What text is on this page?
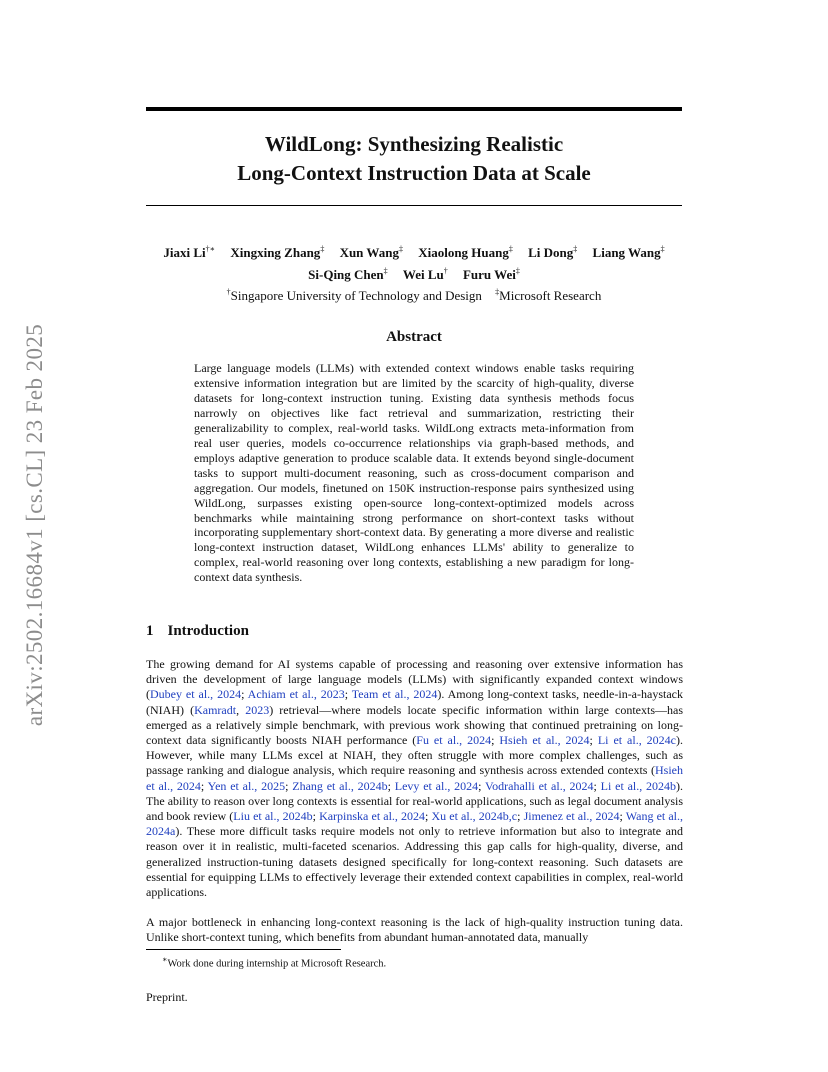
arXiv:2502.16684v1 [cs.CL] 23 Feb 2025
WildLong: Synthesizing Realistic
Long-Context Instruction Data at Scale
Jiaxi Li†∗ Xingxing Zhang‡ Xun Wang‡ Xiaolong Huang‡ Li Dong‡ Liang Wang‡
Si-Qing Chen‡ Wei Lu† Furu Wei‡
†Singapore University of Technology and Design ‡Microsoft Research
Abstract

Large language models (LLMs) with extended context windows enable tasks requiring extensive information integration but are limited by the scarcity of high-quality, diverse datasets for long-context instruction tuning. Existing data synthesis methods focus narrowly on objectives like fact retrieval and summarization, restricting their generalizability to complex, real-world tasks. WildLong extracts meta-information from real user queries, models co-occurrence relationships via graph-based methods, and employs adaptive generation to produce scalable data. It extends beyond single-document tasks to support multi-document reasoning, such as cross-document comparison and aggregation. Our models, finetuned on 150K instruction-response pairs synthesized using WildLong, surpasses existing open-source long-context-optimized models across benchmarks while maintaining strong performance on short-context tasks without incorporating supplementary short-context data. By generating a more diverse and realistic long-context instruction dataset, WildLong enhances LLMs' ability to generalize to complex, real-world reasoning over long contexts, establishing a new paradigm for long-context data synthesis.

1 Introduction

The growing demand for AI systems capable of processing and reasoning over extensive information has driven the development of large language models (LLMs) with significantly expanded context windows (Dubey et al., 2024; Achiam et al., 2023; Team et al., 2024). Among long-context tasks, needle-in-a-haystack (NIAH) (Kamradt, 2023) retrieval—where models locate specific information within large contexts—has emerged as a relatively simple benchmark, with previous work showing that continued pretraining on long-context data significantly boosts NIAH performance (Fu et al., 2024; Hsieh et al., 2024; Li et al., 2024c). However, while many LLMs excel at NIAH, they often struggle with more complex challenges, such as passage ranking and dialogue analysis, which require reasoning and synthesis across extended contexts (Hsieh et al., 2024; Yen et al., 2025; Zhang et al., 2024b; Levy et al., 2024; Vodrahalli et al., 2024; Li et al., 2024b). The ability to reason over long contexts is essential for real-world applications, such as legal document analysis and book review (Liu et al., 2024b; Karpinska et al., 2024; Xu et al., 2024b,c; Jimenez et al., 2024; Wang et al., 2024a). These more difficult tasks require models not only to retrieve information but also to integrate and reason over it in realistic, multi-faceted scenarios. Addressing this gap calls for high-quality, diverse, and generalized instruction-tuning datasets designed specifically for long-context reasoning. Such datasets are essential for equipping LLMs to effectively leverage their extended context capabilities in complex, real-world applications.

A major bottleneck in enhancing long-context reasoning is the lack of high-quality instruction tuning data. Unlike short-context tuning, which benefits from abundant human-annotated data, manually

∗Work done during internship at Microsoft Research.

Preprint.
